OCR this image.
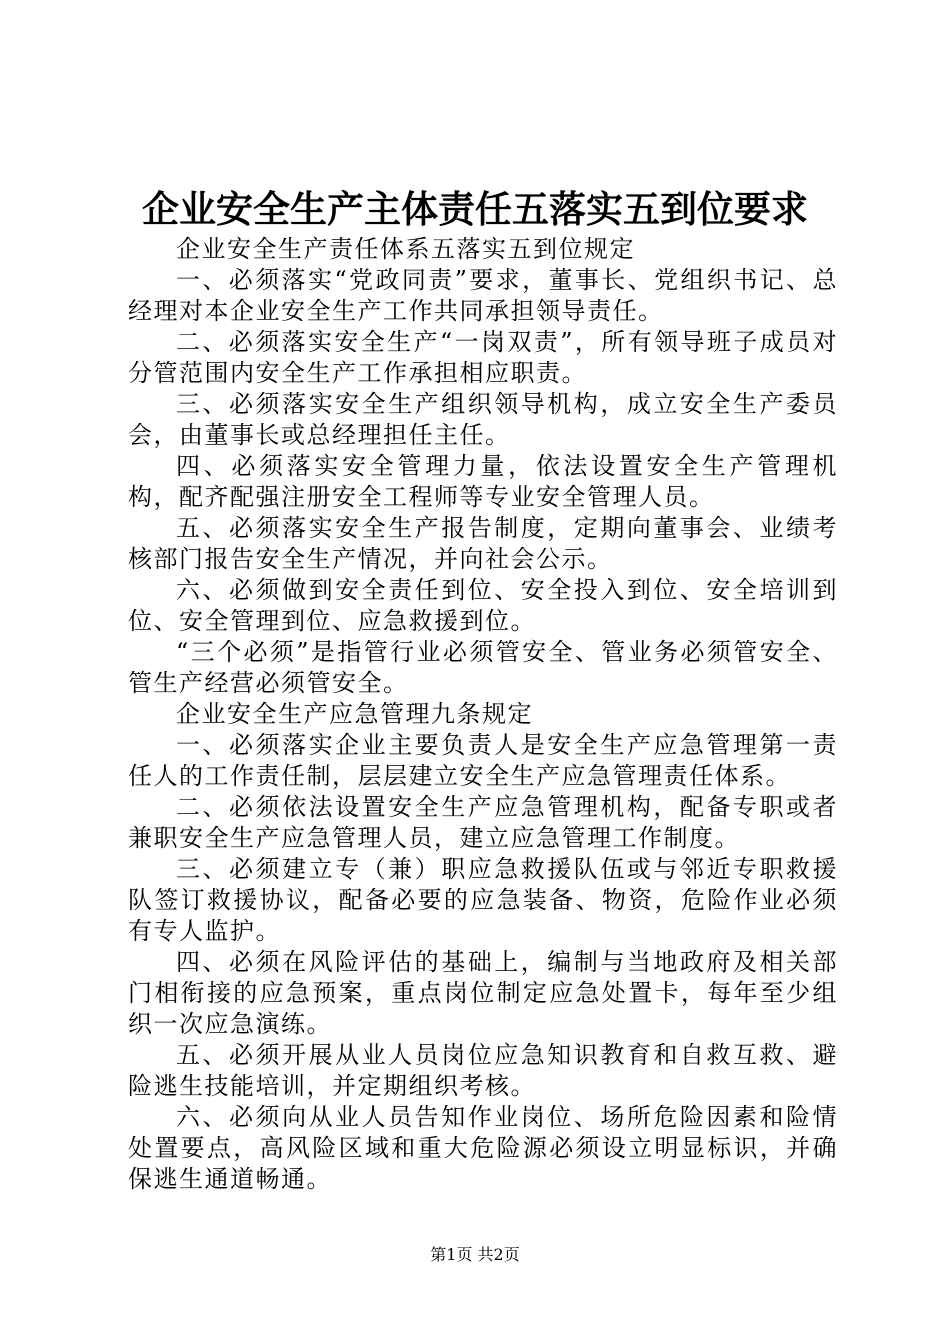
企业安全生产主体责任五落实五到位要求

企业安全生产责任体系五落实五到位规定

一、必须落实“党政同责”要求，董事长、党组织书记、总经理对本企业安全生产工作共同承担领导责任。

二、必须落实安全生产“一岗双责”，所有领导班子成员对分管范围内安全生产工作承担相应职责。

三、必须落实安全生产组织领导机构，成立安全生产委员会，由董事长或总经理担任主任。

四、必须落实安全管理力量，依法设置安全生产管理机构，配齐配强注册安全工程师等专业安全管理人员。

五、必须落实安全生产报告制度，定期向董事会、业绩考核部门报告安全生产情况，并向社会公示。

六、必须做到安全责任到位、安全投入到位、安全培训到位、安全管理到位、应急救援到位。

“三个必须”是指管行业必须管安全、管业务必须管安全、管生产经营必须管安全。

企业安全生产应急管理九条规定

一、必须落实企业主要负责人是安全生产应急管理第一责任人的工作责任制，层层建立安全生产应急管理责任体系。

二、必须依法设置安全生产应急管理机构，配备专职或者兼职安全生产应急管理人员，建立应急管理工作制度。

三、必须建立专（兼）职应急救援队伍或与邻近专职救援队签订救援协议，配备必要的应急装备、物资，危险作业必须有专人监护。

四、必须在风险评估的基础上，编制与当地政府及相关部门相衔接的应急预案，重点岗位制定应急处置卡，每年至少组织一次应急演练。

五、必须开展从业人员岗位应急知识教育和自救互救、避险逃生技能培训，并定期组织考核。

六、必须向从业人员告知作业岗位、场所危险因素和险情处置要点，高风险区域和重大危险源必须设立明显标识，并确保逃生通道畅通。

第1页 共2页
